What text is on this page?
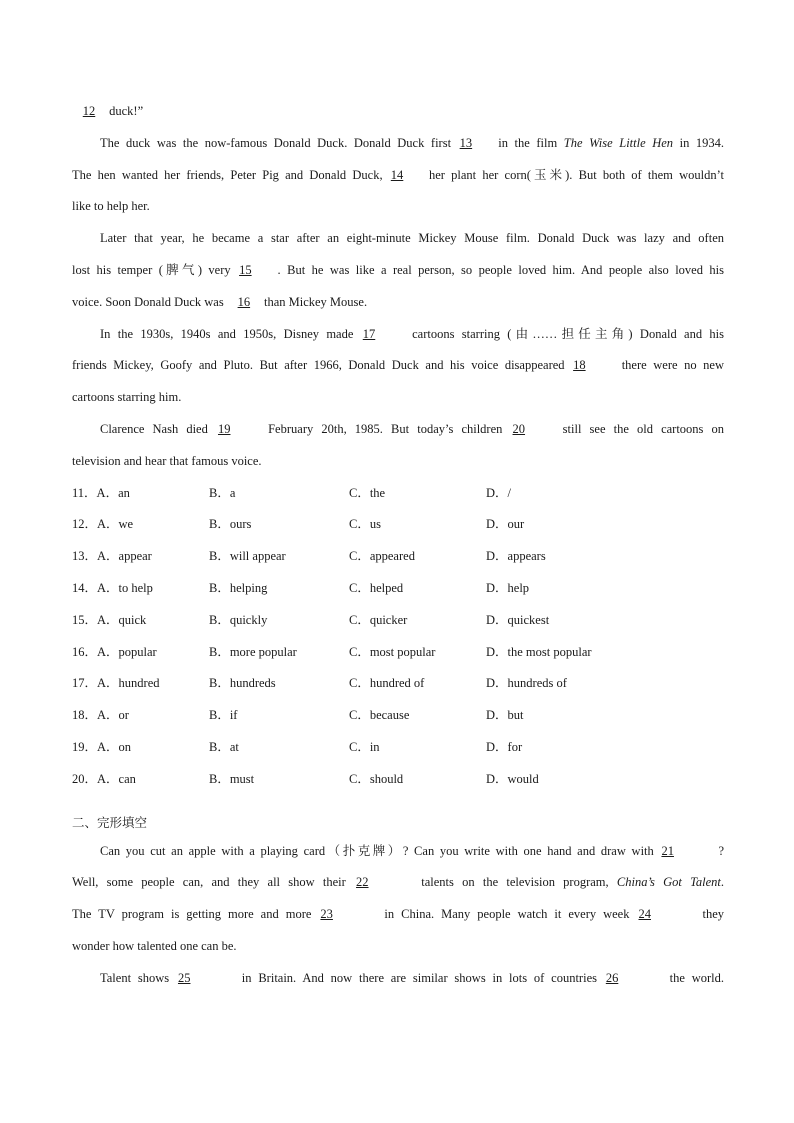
12 duck!”
The duck was the now-famous Donald Duck. Donald Duck first 13 in the film The Wise Little Hen in 1934.
The hen wanted her friends, Peter Pig and Donald Duck, 14 her plant her corn(玉米). But both of them wouldn’t
like to help her.
Later that year, he became a star after an eight-minute Mickey Mouse film. Donald Duck was lazy and often
lost his temper (脾气) very 15 . But he was like a real person, so people loved him. And people also loved his
voice. Soon Donald Duck was 16 than Mickey Mouse.
In the 1930s, 1940s and 1950s, Disney made 17	cartoons starring (由……担任主角) Donald and his
friends Mickey, Goofy and Pluto. But after 1966, Donald Duck and his voice disappeared 18	there were no new
cartoons starring him.
Clarence Nash died 19	February 20th, 1985. But today’s children 20	still see the old cartoons on
television and hear that famous voice.
11．A．an	B．a	C．the	D．/
12．A．we	B．ours	C．us	D．our
13．A．appear	B．will appear	C．appeared	D．appears
14．A．to help	B．helping	C．helped	D．help
15．A．quick	B．quickly	C．quicker	D．quickest
16．A．popular	B．more popular	C．most popular	D．the most popular
17．A．hundred	B．hundreds	C．hundred of	D．hundreds of
18．A．or	B．if	C．because	D．but
19．A．on	B．at	C．in	D．for
20．A．can	B．must	C．should	D．would
二、完形填空
Can you cut an apple with a playing card（扑克牌）? Can you write with one hand and draw with 21	?
Well, some people can, and they all show their 22	talents on the television program, China’s Got Talent.
The TV program is getting more and more 23	in China. Many people watch it every week 24	they
wonder how talented one can be.
Talent shows 25	in Britain. And now there are similar shows in lots of countries 26	the world.
